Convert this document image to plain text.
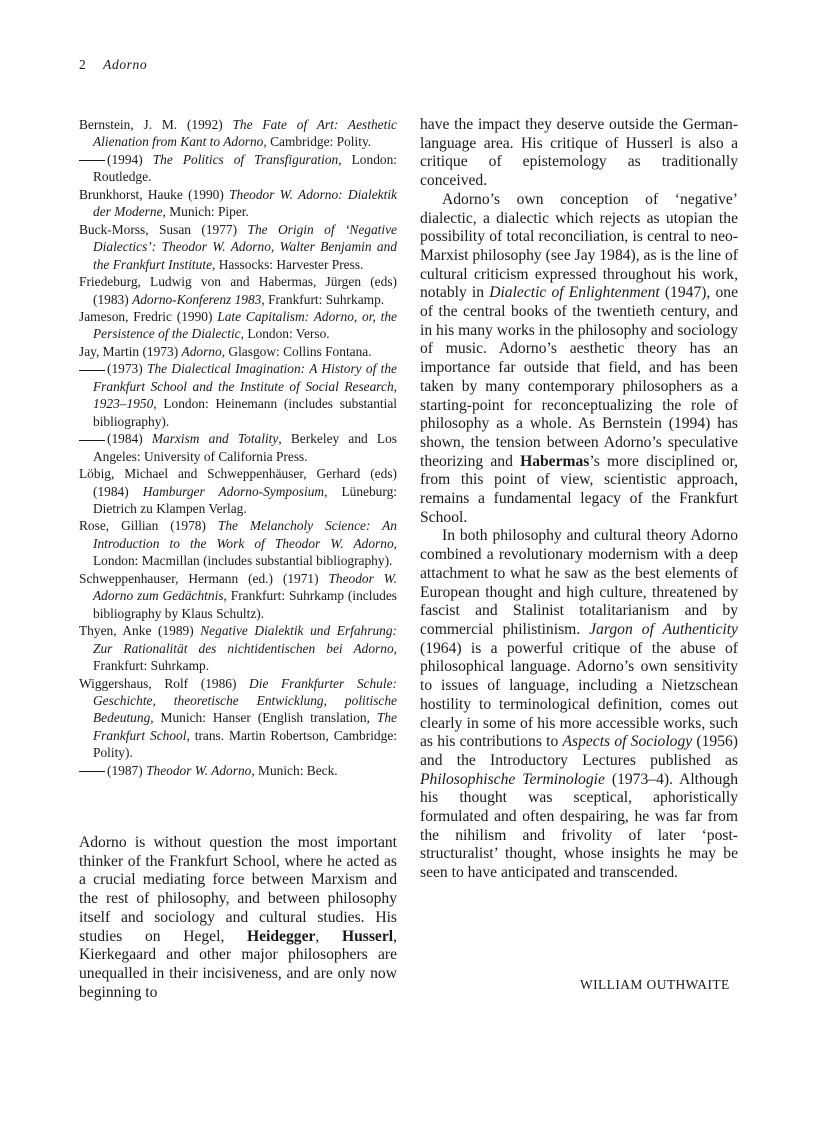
2 Adorno
Bernstein, J. M. (1992) The Fate of Art: Aesthetic Alienation from Kant to Adorno, Cambridge: Polity.
(1994) The Politics of Transfiguration, London: Routledge.
Brunkhorst, Hauke (1990) Theodor W. Adorno: Dialektik der Moderne, Munich: Piper.
Buck-Morss, Susan (1977) The Origin of ‘Negative Dialectics’: Theodor W. Adorno, Walter Benjamin and the Frankfurt Institute, Hassocks: Harvester Press.
Friedeburg, Ludwig von and Habermas, Jürgen (eds) (1983) Adorno-Konferenz 1983, Frankfurt: Suhrkamp.
Jameson, Fredric (1990) Late Capitalism: Adorno, or, the Persistence of the Dialectic, London: Verso.
Jay, Martin (1973) Adorno, Glasgow: Collins Fontana.
(1973) The Dialectical Imagination: A History of the Frankfurt School and the Institute of Social Research, 1923–1950, London: Heinemann (includes substantial bibliography).
(1984) Marxism and Totality, Berkeley and Los Angeles: University of California Press.
Löbig, Michael and Schweppenhäuser, Gerhard (eds) (1984) Hamburger Adorno-Symposium, Lüneburg: Dietrich zu Klampen Verlag.
Rose, Gillian (1978) The Melancholy Science: An Introduction to the Work of Theodor W. Adorno, London: Macmillan (includes substantial bibliography).
Schweppenhauser, Hermann (ed.) (1971) Theodor W. Adorno zum Gedächtnis, Frankfurt: Suhrkamp (includes bibliography by Klaus Schultz).
Thyen, Anke (1989) Negative Dialektik und Erfahrung: Zur Rationalität des nichtidentischen bei Adorno, Frankfurt: Suhrkamp.
Wiggershaus, Rolf (1986) Die Frankfurter Schule: Geschichte, theoretische Entwicklung, politische Bedeutung, Munich: Hanser (English translation, The Frankfurt School, trans. Martin Robertson, Cambridge: Polity).
(1987) Theodor W. Adorno, Munich: Beck.

Adorno is without question the most important thinker of the Frankfurt School, where he acted as a crucial mediating force between Marxism and the rest of philosophy, and between philosophy itself and sociology and cultural studies. His studies on Hegel, Heidegger, Husserl, Kierkegaard and other major philosophers are unequalled in their incisiveness, and are only now beginning to

have the impact they deserve outside the German-language area. His critique of Husserl is also a critique of epistemology as traditionally conceived.

Adorno’s own conception of ‘negative’ dialectic, a dialectic which rejects as utopian the possibility of total reconciliation, is central to neo-Marxist philosophy (see Jay 1984), as is the line of cultural criticism expressed throughout his work, notably in Dialectic of Enlightenment (1947), one of the central books of the twentieth century, and in his many works in the philosophy and sociology of music. Adorno’s aesthetic theory has an importance far outside that field, and has been taken by many contemporary philosophers as a starting-point for reconceptualizing the role of philosophy as a whole. As Bernstein (1994) has shown, the tension between Adorno’s speculative theorizing and Habermas’s more disciplined or, from this point of view, scientistic approach, remains a fundamental legacy of the Frankfurt School.

In both philosophy and cultural theory Adorno combined a revolutionary modernism with a deep attachment to what he saw as the best elements of European thought and high culture, threatened by fascist and Stalinist totalitarianism and by commercial philistinism. Jargon of Authenticity (1964) is a powerful critique of the abuse of philosophical language. Adorno’s own sensitivity to issues of language, including a Nietzschean hostility to terminological definition, comes out clearly in some of his more accessible works, such as his contributions to Aspects of Sociology (1956) and the Introductory Lectures published as Philosophische Terminologie (1973–4). Although his thought was sceptical, aphoristically formulated and often despairing, he was far from the nihilism and frivolity of later ‘post-structuralist’ thought, whose insights he may be seen to have anticipated and transcended.

WILLIAM OUTHWAITE
